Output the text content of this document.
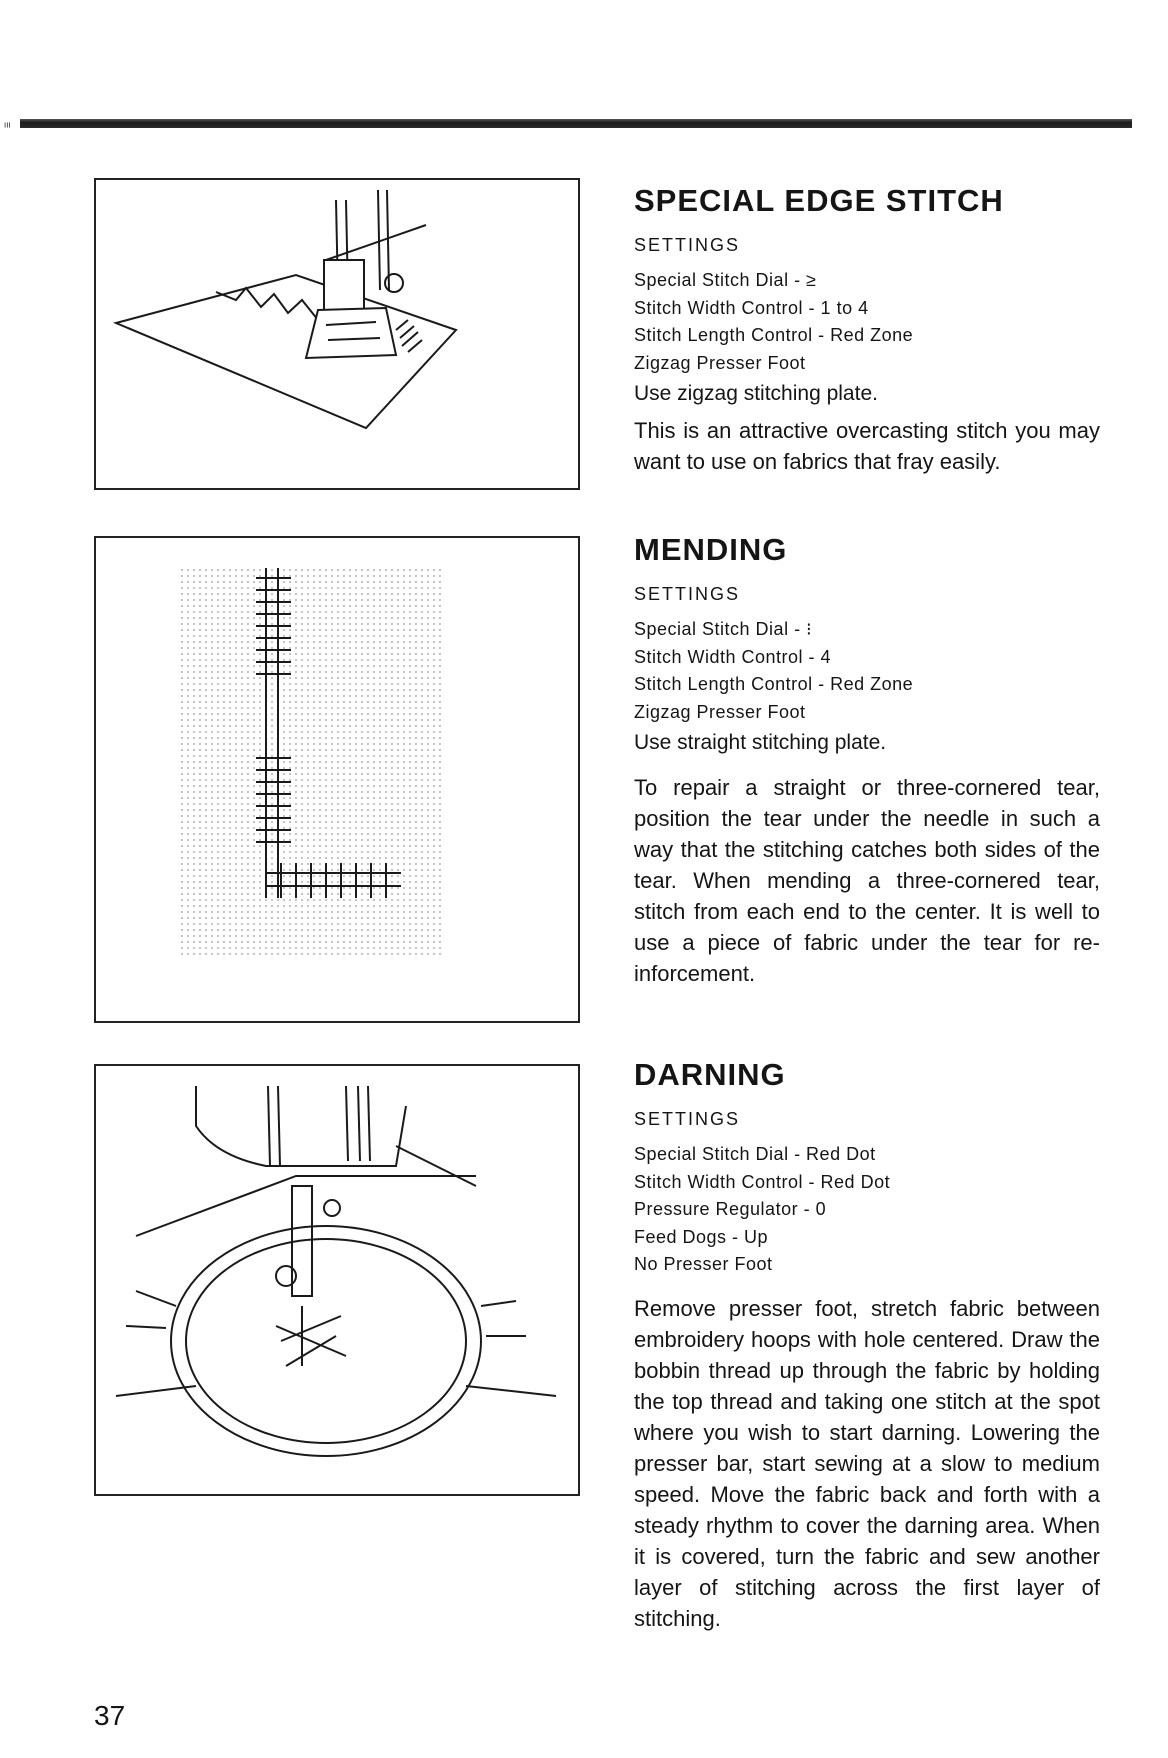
ᶦᶦᶦ
SPECIAL EDGE STITCH
SETTINGS
Special Stitch Dial - ≥
Stitch Width Control - 1 to 4
Stitch Length Control - Red Zone
Zigzag Presser Foot
Use zigzag stitching plate.
This is an attractive overcasting stitch you may want to use on fabrics that fray easily.
MENDING
SETTINGS
Special Stitch Dial - ⁝
Stitch Width Control - 4
Stitch Length Control - Red Zone
Zigzag Presser Foot
Use straight stitching plate.
To repair a straight or three-cornered tear, position the tear under the needle in such a way that the stitching catches both sides of the tear. When mending a three-cornered tear, stitch from each end to the center. It is well to use a piece of fabric under the tear for re-inforcement.
DARNING
SETTINGS
Special Stitch Dial - Red Dot
Stitch Width Control - Red Dot
Pressure Regulator - 0
Feed Dogs - Up
No Presser Foot
Remove presser foot, stretch fabric between embroidery hoops with hole centered. Draw the bobbin thread up through the fabric by holding the top thread and taking one stitch at the spot where you wish to start darning. Lowering the presser bar, start sewing at a slow to medium speed. Move the fabric back and forth with a steady rhythm to cover the darning area. When it is covered, turn the fabric and sew another layer of stitching across the first layer of stitching.
37
